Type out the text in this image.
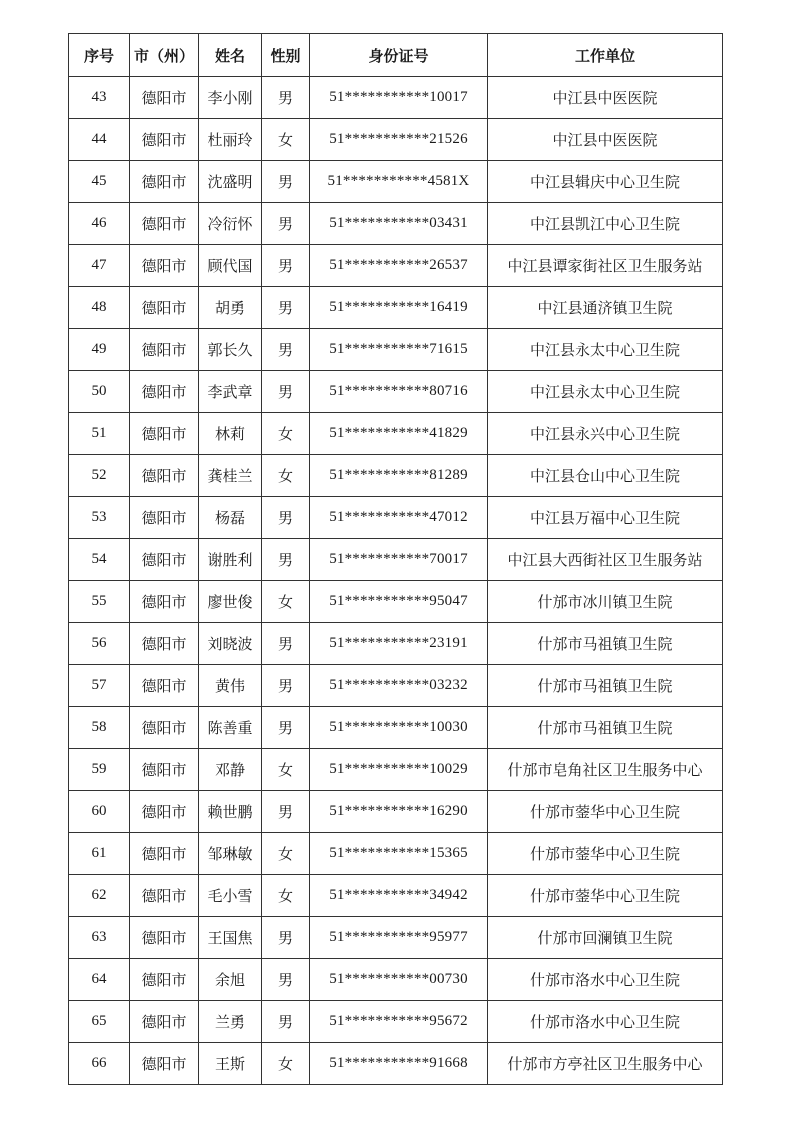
序号	市（州）	姓名	性别	身份证号	工作单位
43	德阳市	李小刚	男	51***********10017	中江县中医医院
44	德阳市	杜丽玲	女	51***********21526	中江县中医医院
45	德阳市	沈盛明	男	51***********4581X	中江县辑庆中心卫生院
46	德阳市	冷衍怀	男	51***********03431	中江县凯江中心卫生院
47	德阳市	顾代国	男	51***********26537	中江县谭家街社区卫生服务站
48	德阳市	胡勇	男	51***********16419	中江县通济镇卫生院
49	德阳市	郭长久	男	51***********71615	中江县永太中心卫生院
50	德阳市	李武章	男	51***********80716	中江县永太中心卫生院
51	德阳市	林莉	女	51***********41829	中江县永兴中心卫生院
52	德阳市	龚桂兰	女	51***********81289	中江县仓山中心卫生院
53	德阳市	杨磊	男	51***********47012	中江县万福中心卫生院
54	德阳市	谢胜利	男	51***********70017	中江县大西街社区卫生服务站
55	德阳市	廖世俊	女	51***********95047	什邡市冰川镇卫生院
56	德阳市	刘晓波	男	51***********23191	什邡市马祖镇卫生院
57	德阳市	黄伟	男	51***********03232	什邡市马祖镇卫生院
58	德阳市	陈善重	男	51***********10030	什邡市马祖镇卫生院
59	德阳市	邓静	女	51***********10029	什邡市皂角社区卫生服务中心
60	德阳市	赖世鹏	男	51***********16290	什邡市蓥华中心卫生院
61	德阳市	邹琳敏	女	51***********15365	什邡市蓥华中心卫生院
62	德阳市	毛小雪	女	51***********34942	什邡市蓥华中心卫生院
63	德阳市	王国焦	男	51***********95977	什邡市回澜镇卫生院
64	德阳市	余旭	男	51***********00730	什邡市洛水中心卫生院
65	德阳市	兰勇	男	51***********95672	什邡市洛水中心卫生院
66	德阳市	王斯	女	51***********91668	什邡市方亭社区卫生服务中心
